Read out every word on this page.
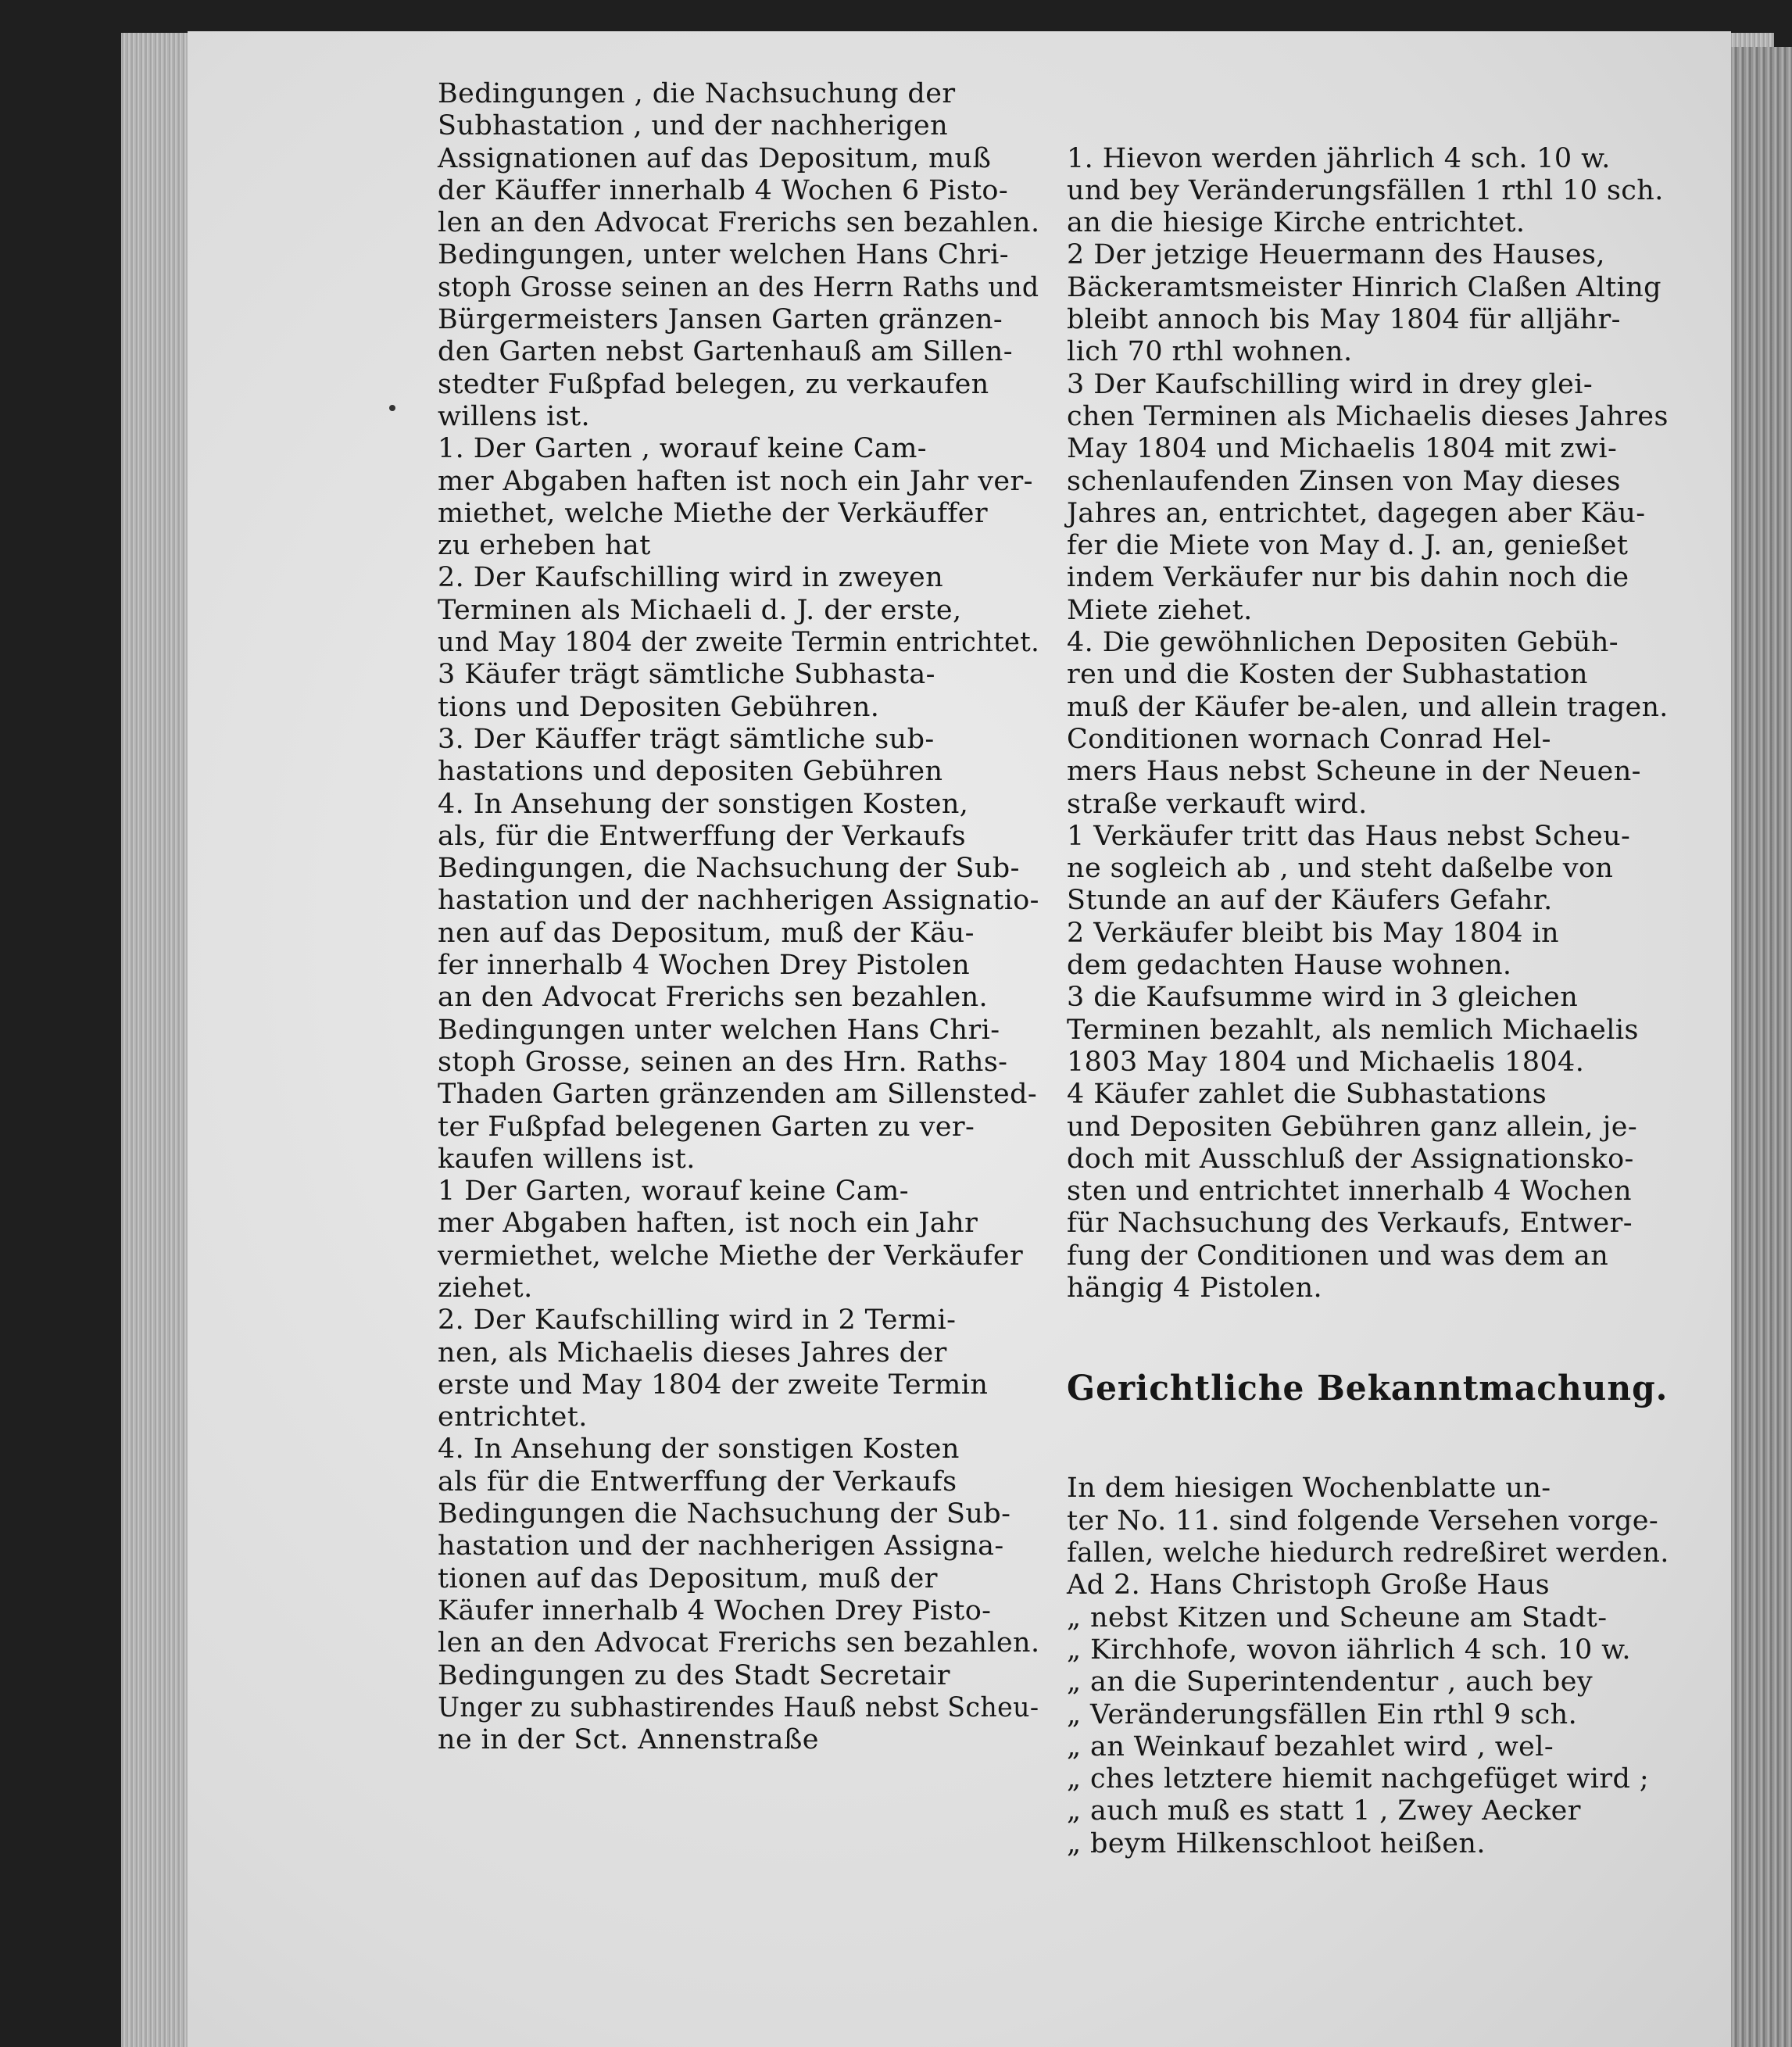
Bedingungen , die Nachsuchung der
Subhastation , und der nachherigen
Assignationen auf das Depositum, muß
der Käuffer innerhalb 4 Wochen 6 Pisto-
len an den Advocat Frerichs sen bezahlen.
Bedingungen, unter welchen Hans Chri-
stoph Grosse seinen an des Herrn Raths und
Bürgermeisters Jansen Garten gränzen-
den Garten nebst Gartenhauß am Sillen-
stedter Fußpfad belegen, zu verkaufen
willens ist.
1. Der Garten , worauf keine Cam-
mer Abgaben haften ist noch ein Jahr ver-
miethet, welche Miethe der Verkäuffer
zu erheben hat
2. Der Kaufschilling wird in zweyen
Terminen als Michaeli d. J. der erste,
und May 1804 der zweite Termin entrichtet.
3 Käufer trägt sämtliche Subhasta-
tions und Depositen Gebühren.
3. Der Käuffer trägt sämtliche sub-
hastations und depositen Gebühren
4. In Ansehung der sonstigen Kosten,
als, für die Entwerffung der Verkaufs
Bedingungen, die Nachsuchung der Sub-
hastation und der nachherigen Assignatio-
nen auf das Depositum, muß der Käu-
fer innerhalb 4 Wochen Drey Pistolen
an den Advocat Frerichs sen bezahlen.
Bedingungen unter welchen Hans Chri-
stoph Grosse, seinen an des Hrn. Raths-
Thaden Garten gränzenden am Sillensted-
ter Fußpfad belegenen Garten zu ver-
kaufen willens ist.
1 Der Garten, worauf keine Cam-
mer Abgaben haften, ist noch ein Jahr
vermiethet, welche Miethe der Verkäufer
ziehet.
2. Der Kaufschilling wird in 2 Termi-
nen, als Michaelis dieses Jahres der
erste und May 1804 der zweite Termin
entrichtet.
4. In Ansehung der sonstigen Kosten
als für die Entwerffung der Verkaufs
Bedingungen die Nachsuchung der Sub-
hastation und der nachherigen Assigna-
tionen auf das Depositum, muß der
Käufer innerhalb 4 Wochen Drey Pisto-
len an den Advocat Frerichs sen bezahlen.
Bedingungen zu des Stadt Secretair
Unger zu subhastirendes Hauß nebst Scheu-
ne in der Sct. Annenstraße

1. Hievon werden jährlich 4 sch. 10 w.
und bey Veränderungsfällen 1 rthl 10 sch.
an die hiesige Kirche entrichtet.
2 Der jetzige Heuermann des Hauses,
Bäckeramtsmeister Hinrich Claßen Alting
bleibt annoch bis May 1804 für alljähr-
lich 70 rthl wohnen.
3 Der Kaufschilling wird in drey glei-
chen Terminen als Michaelis dieses Jahres
May 1804 und Michaelis 1804 mit zwi-
schenlaufenden Zinsen von May dieses
Jahres an, entrichtet, dagegen aber Käu-
fer die Miete von May d. J. an, genießet
indem Verkäufer nur bis dahin noch die
Miete ziehet.
4. Die gewöhnlichen Depositen Gebüh-
ren und die Kosten der Subhastation
muß der Käufer be-alen, und allein tragen.
Conditionen wornach Conrad Hel-
mers Haus nebst Scheune in der Neuen-
straße verkauft wird.
1 Verkäufer tritt das Haus nebst Scheu-
ne sogleich ab , und steht daßelbe von
Stunde an auf der Käufers Gefahr.
2 Verkäufer bleibt bis May 1804 in
dem gedachten Hause wohnen.
3 die Kaufsumme wird in 3 gleichen
Terminen bezahlt, als nemlich Michaelis
1803 May 1804 und Michaelis 1804.
4 Käufer zahlet die Subhastations
und Depositen Gebühren ganz allein, je-
doch mit Ausschluß der Assignationsko-
sten und entrichtet innerhalb 4 Wochen
für Nachsuchung des Verkaufs, Entwer-
fung der Conditionen und was dem an
hängig 4 Pistolen.

Gerichtliche Bekanntmachung.

In dem hiesigen Wochenblatte un-
ter No. 11. sind folgende Versehen vorge-
fallen, welche hiedurch redreßiret werden.
Ad 2. Hans Christoph Große Haus
„ nebst Kitzen und Scheune am Stadt-
„ Kirchhofe, wovon iährlich 4 sch. 10 w.
„ an die Superintendentur , auch bey
„ Veränderungsfällen Ein rthl 9 sch.
„ an Weinkauf bezahlet wird , wel-
„ ches letztere hiemit nachgefüget wird ;
„ auch muß es statt 1 , Zwey Aecker
„ beym Hilkenschloot heißen.
